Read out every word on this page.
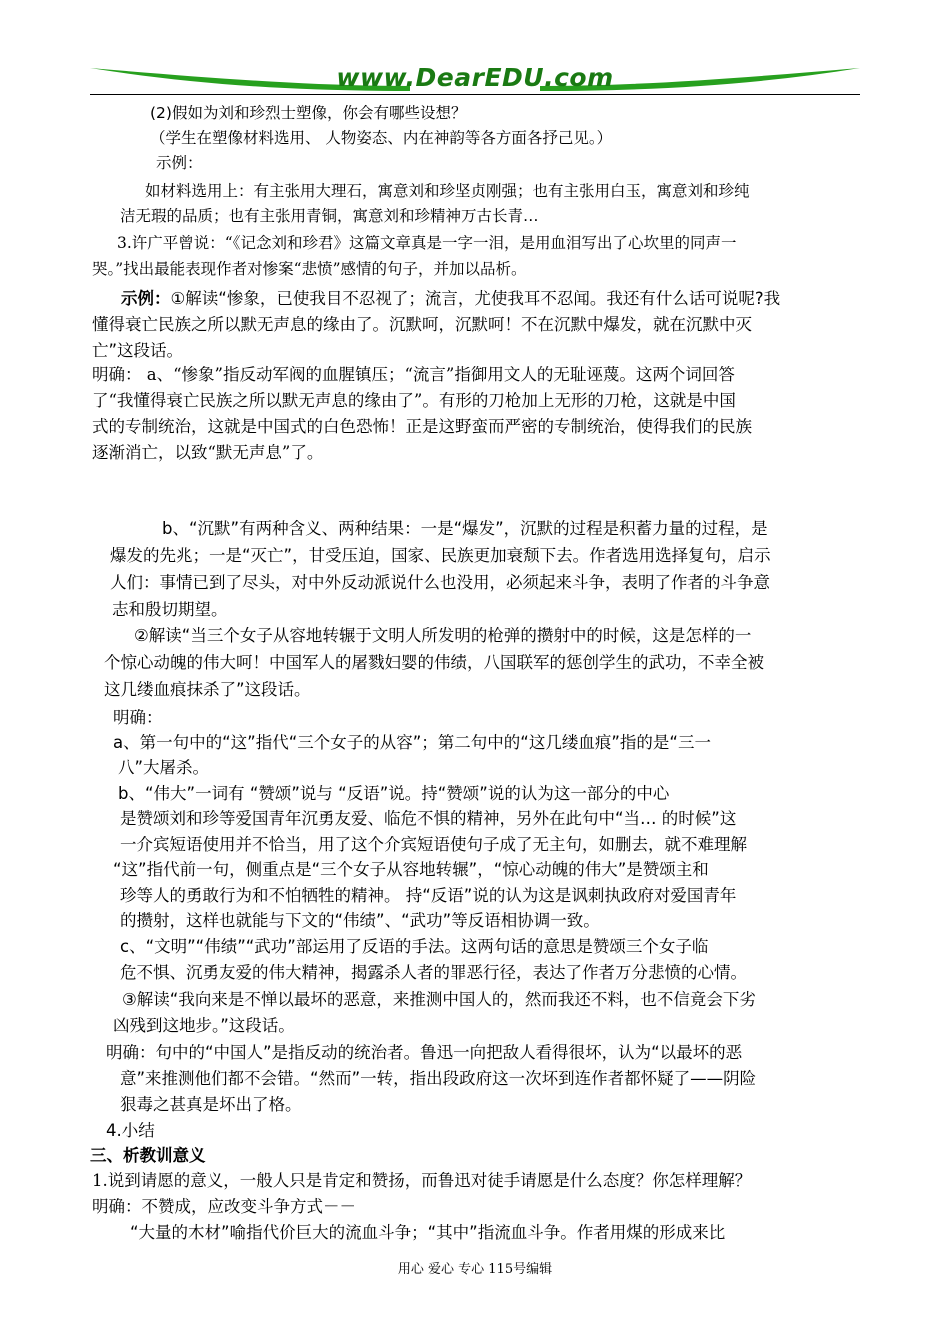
www.DearEDU.com
(2)假如为刘和珍烈士塑像，你会有哪些设想？
（学生在塑像材料选用、 人物姿态、内在神韵等各方面各抒己见。）
示例：
如材料选用上：有主张用大理石，寓意刘和珍坚贞刚强；也有主张用白玉，寓意刘和珍纯
洁无瑕的品质；也有主张用青铜，寓意刘和珍精神万古长青…
3.许广平曾说：“《记念刘和珍君》这篇文章真是一字一泪，是用血泪写出了心坎里的同声一
哭。”找出最能表现作者对惨案“悲愤”感情的句子，并加以品析。
示例：①解读“惨象，已使我目不忍视了；流言，尤使我耳不忍闻。我还有什么话可说呢?我
懂得衰亡民族之所以默无声息的缘由了。沉默呵，沉默呵！不在沉默中爆发，就在沉默中灭
亡”这段话。
明确： a、“惨象”指反动军阀的血腥镇压；“流言”指御用文人的无耻诬蔑。这两个词回答
了“我懂得衰亡民族之所以默无声息的缘由了”。有形的刀枪加上无形的刀枪，这就是中国
式的专制统治，这就是中国式的白色恐怖！正是这野蛮而严密的专制统治，使得我们的民族
逐渐消亡，以致“默无声息”了。
b、“沉默”有两种含义、两种结果：一是“爆发”，沉默的过程是积蓄力量的过程，是
爆发的先兆；一是“灭亡”，甘受压迫，国家、民族更加衰颓下去。作者选用选择复句，启示
人们：事情已到了尽头，对中外反动派说什么也没用，必须起来斗争，表明了作者的斗争意
志和殷切期望。
②解读“当三个女子从容地转辗于文明人所发明的枪弹的攒射中的时候，这是怎样的一
个惊心动魄的伟大呵！中国军人的屠戮妇婴的伟绩，八国联军的惩创学生的武功，不幸全被
这几缕血痕抹杀了”这段话。
明确：
a、第一句中的“这”指代“三个女子的从容”；第二句中的“这几缕血痕”指的是“三一
八”大屠杀。
b、“伟大”一词有 “赞颂”说与 “反语”说。持“赞颂”说的认为这一部分的中心
是赞颂刘和珍等爱国青年沉勇友爱、临危不惧的精神，另外在此句中“当… 的时候”这
一介宾短语使用并不恰当，用了这个介宾短语使句子成了无主句，如删去，就不难理解
“这”指代前一句，侧重点是“三个女子从容地转辗”，“惊心动魄的伟大”是赞颂主和
珍等人的勇敢行为和不怕牺牲的精神。 持“反语”说的认为这是讽刺执政府对爱国青年
的攒射，这样也就能与下文的“伟绩”、“武功”等反语相协调一致。
c、“文明”“伟绩”“武功”部运用了反语的手法。这两句话的意思是赞颂三个女子临
危不惧、沉勇友爱的伟大精神，揭露杀人者的罪恶行径，表达了作者万分悲愤的心情。
③解读“我向来是不惮以最坏的恶意，来推测中国人的，然而我还不料，也不信竟会下劣
凶残到这地步。”这段话。
明确：句中的“中国人”是指反动的统治者。鲁迅一向把敌人看得很坏，认为“以最坏的恶
意”来推测他们都不会错。“然而”一转，指出段政府这一次坏到连作者都怀疑了——阴险
狠毒之甚真是坏出了格。
4.小结
三、析教训意义
1.说到请愿的意义，一般人只是肯定和赞扬，而鲁迅对徒手请愿是什么态度？你怎样理解？
明确：不赞成，应改变斗争方式－－
“大量的木材”喻指代价巨大的流血斗争；“其中”指流血斗争。作者用煤的形成来比
用心 爱心 专心 115号编辑
